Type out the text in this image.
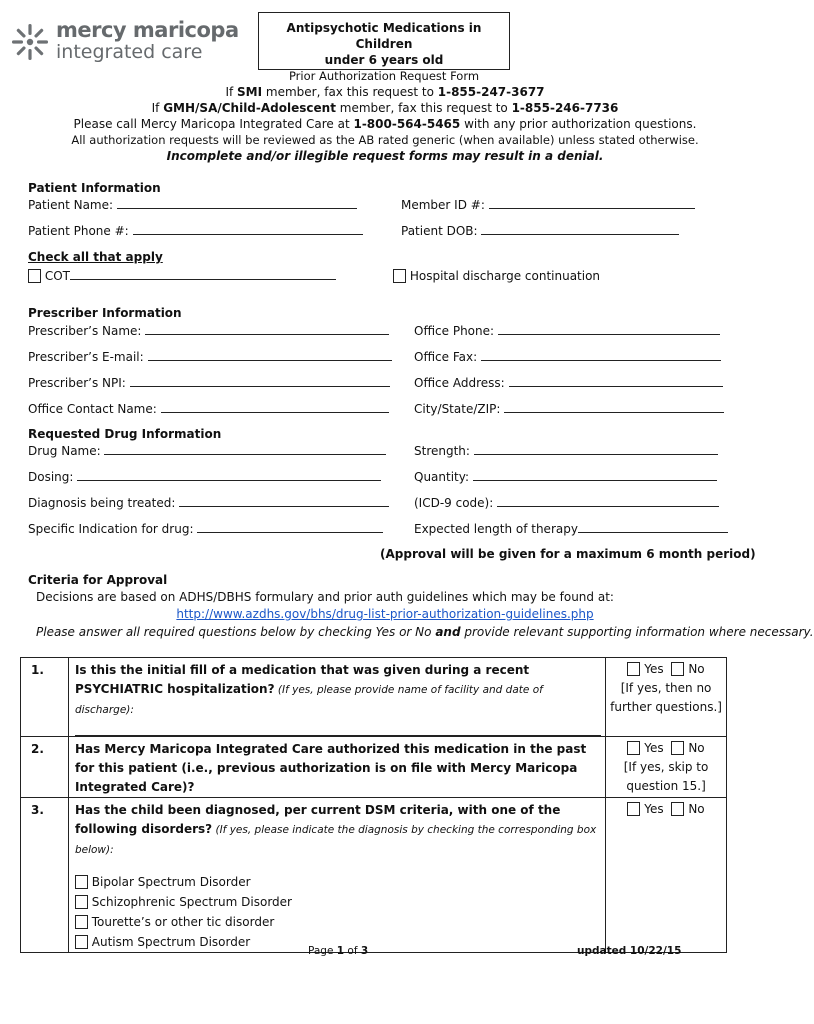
mercy maricopa
integrated care
Antipsychotic Medications in Children
under 6 years old
Prior Authorization Request Form
If SMI member, fax this request to 1-855-247-3677
If GMH/SA/Child-Adolescent member, fax this request to 1-855-246-7736
Please call Mercy Maricopa Integrated Care at 1-800-564-5465 with any prior authorization questions.
All authorization requests will be reviewed as the AB rated generic (when available) unless stated otherwise.
Incomplete and/or illegible request forms may result in a denial.
Patient Information
Patient Name:	Member ID #:
Patient Phone #:	Patient DOB:
Check all that apply
COT	Hospital discharge continuation
Prescriber Information
Prescriber’s Name:	Office Phone:
Prescriber’s E-mail:	Office Fax:
Prescriber’s NPI:	Office Address:
Office Contact Name:	City/State/ZIP:
Requested Drug Information
Drug Name:	Strength:
Dosing:	Quantity:
Diagnosis being treated:	(ICD-9 code):
Specific Indication for drug:	Expected length of therapy
(Approval will be given for a maximum 6 month period)
Criteria for Approval
Decisions are based on ADHS/DBHS formulary and prior auth guidelines which may be found at:
http://www.azdhs.gov/bhs/drug-list-prior-authorization-guidelines.php
Please answer all required questions below by checking Yes or No and provide relevant supporting information where necessary.
1.	Is this the initial fill of a medication that was given during a recent PSYCHIATRIC hospitalization? (If yes, please provide name of facility and date of discharge):	Yes No
[If yes, then no
further questions.]

2.	Has Mercy Maricopa Integrated Care authorized this medication in the past for this patient (i.e., previous authorization is on file with Mercy Maricopa Integrated Care)?	Yes No
[If yes, skip to
question 15.]

3.	Has the child been diagnosed, per current DSM criteria, with one of the following disorders? (If yes, please indicate the diagnosis by checking the corresponding box below):
Bipolar Spectrum Disorder
Schizophrenic Spectrum Disorder
Tourette’s or other tic disorder
Autism Spectrum Disorder	Yes No
Page 1 of 3	updated 10/22/15
